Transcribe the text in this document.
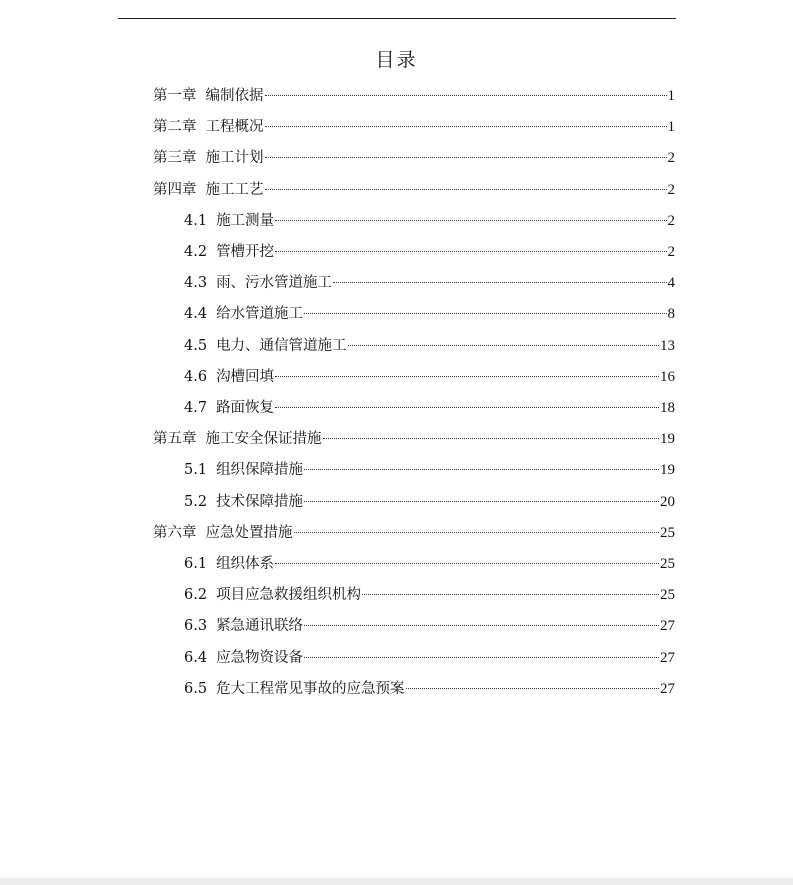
目录
第一章 编制依据	1
第二章 工程概况	1
第三章 施工计划	2
第四章 施工工艺	2
4.1 施工测量	2
4.2 管槽开挖	2
4.3 雨、污水管道施工	4
4.4 给水管道施工	8
4.5 电力、通信管道施工	13
4.6 沟槽回填	16
4.7 路面恢复	18
第五章 施工安全保证措施	19
5.1 组织保障措施	19
5.2 技术保障措施	20
第六章 应急处置措施	25
6.1 组织体系	25
6.2 项目应急救援组织机构	25
6.3 紧急通讯联络	27
6.4 应急物资设备	27
6.5 危大工程常见事故的应急预案	27
